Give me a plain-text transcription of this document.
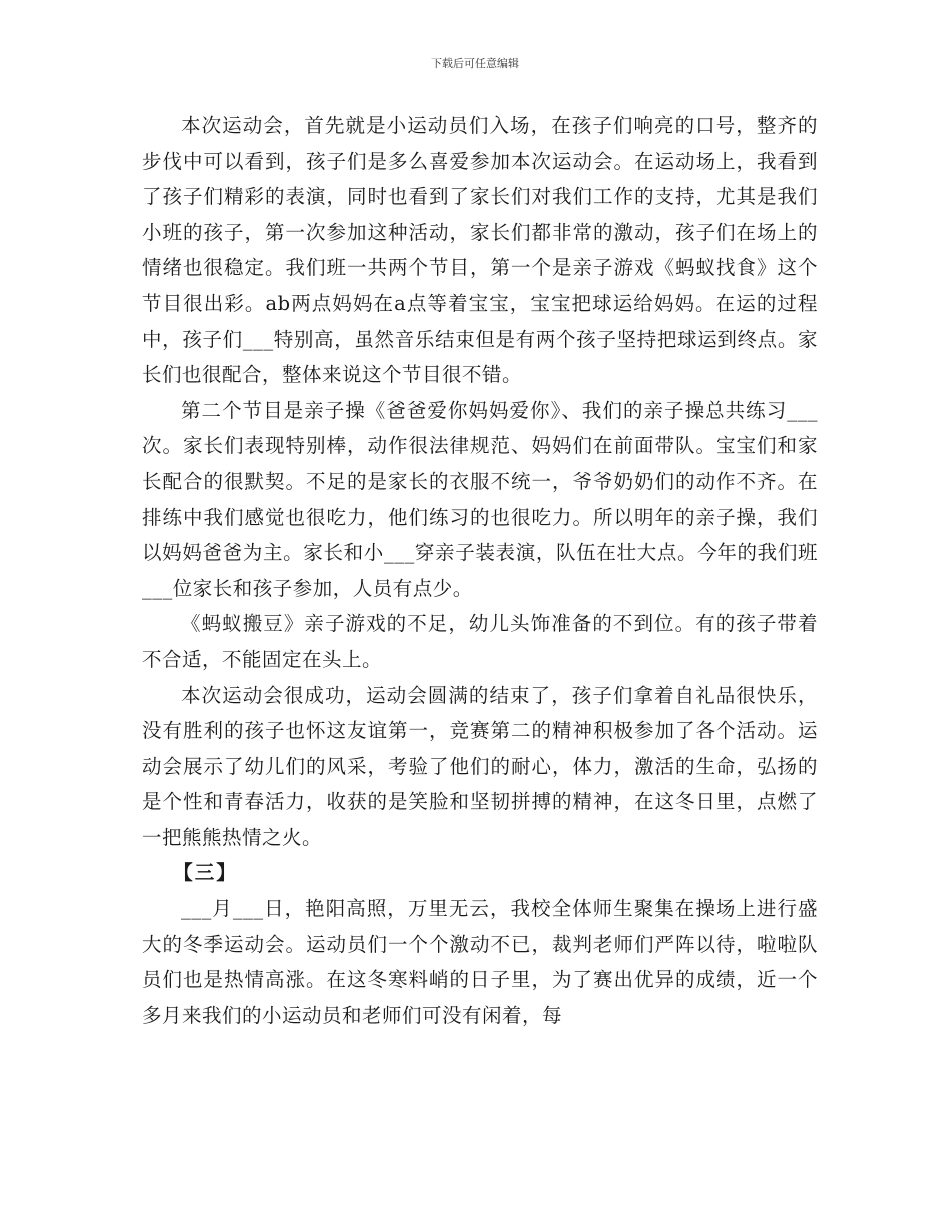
下载后可任意编辑

本次运动会，首先就是小运动员们入场，在孩子们响亮的口号，整齐的步伐中可以看到，孩子们是多么喜爱参加本次运动会。在运动场上，我看到了孩子们精彩的表演，同时也看到了家长们对我们工作的支持，尤其是我们小班的孩子，第一次参加这种活动，家长们都非常的激动，孩子们在场上的情绪也很稳定。我们班一共两个节目，第一个是亲子游戏《蚂蚁找食》这个节目很出彩。ab两点妈妈在a点等着宝宝，宝宝把球运给妈妈。在运的过程中，孩子们___特别高，虽然音乐结束但是有两个孩子坚持把球运到终点。家长们也很配合，整体来说这个节目很不错。

第二个节目是亲子操《爸爸爱你妈妈爱你》、我们的亲子操总共练习___次。家长们表现特别棒，动作很法律规范、妈妈们在前面带队。宝宝们和家长配合的很默契。不足的是家长的衣服不统一，爷爷奶奶们的动作不齐。在排练中我们感觉也很吃力，他们练习的也很吃力。所以明年的亲子操，我们以妈妈爸爸为主。家长和小___穿亲子装表演，队伍在壮大点。今年的我们班___位家长和孩子参加，人员有点少。

《蚂蚁搬豆》亲子游戏的不足，幼儿头饰准备的不到位。有的孩子带着不合适，不能固定在头上。

本次运动会很成功，运动会圆满的结束了，孩子们拿着自礼品很快乐，没有胜利的孩子也怀这友谊第一，竞赛第二的精神积极参加了各个活动。运动会展示了幼儿们的风采，考验了他们的耐心，体力，激活的生命，弘扬的是个性和青春活力，收获的是笑脸和坚韧拼搏的精神，在这冬日里，点燃了一把熊熊热情之火。

【三】

___月___日，艳阳高照，万里无云，我校全体师生聚集在操场上进行盛大的冬季运动会。运动员们一个个激动不已，裁判老师们严阵以待，啦啦队员们也是热情高涨。在这冬寒料峭的日子里，为了赛出优异的成绩，近一个多月来我们的小运动员和老师们可没有闲着，每
